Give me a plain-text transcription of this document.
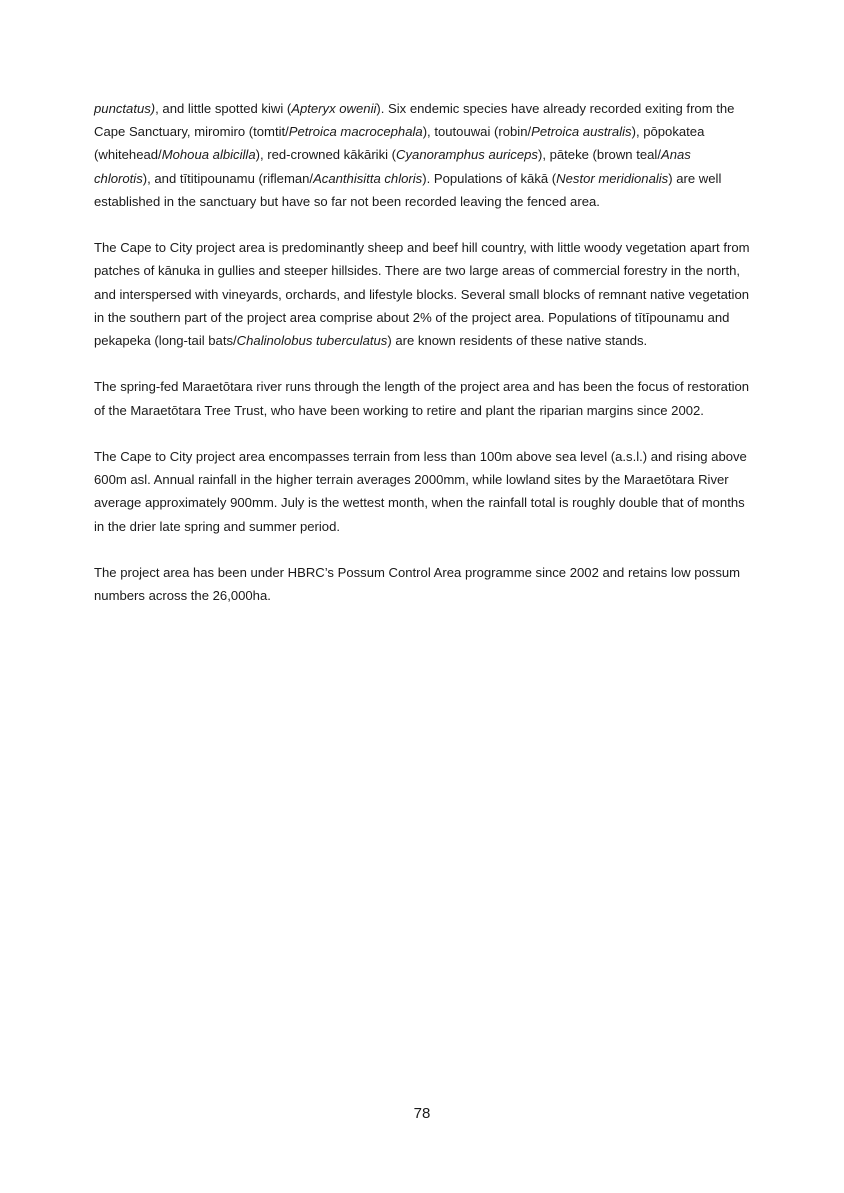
punctatus), and little spotted kiwi (Apteryx owenii). Six endemic species have already recorded exiting from the Cape Sanctuary, miromiro (tomtit/Petroica macrocephala), toutouwai (robin/Petroica australis), pōpokatea (whitehead/Mohoua albicilla), red-crowned kākāriki (Cyanoramphus auriceps), pāteke (brown teal/Anas chlorotis), and tītitipounamu (rifleman/Acanthisitta chloris). Populations of kākā (Nestor meridionalis) are well established in the sanctuary but have so far not been recorded leaving the fenced area.

The Cape to City project area is predominantly sheep and beef hill country, with little woody vegetation apart from patches of kānuka in gullies and steeper hillsides. There are two large areas of commercial forestry in the north, and interspersed with vineyards, orchards, and lifestyle blocks. Several small blocks of remnant native vegetation in the southern part of the project area comprise about 2% of the project area. Populations of tītīpounamu and pekapeka (long-tail bats/Chalinolobus tuberculatus) are known residents of these native stands.

The spring-fed Maraetōtara river runs through the length of the project area and has been the focus of restoration of the Maraetōtara Tree Trust, who have been working to retire and plant the riparian margins since 2002.

The Cape to City project area encompasses terrain from less than 100m above sea level (a.s.l.) and rising above 600m asl. Annual rainfall in the higher terrain averages 2000mm, while lowland sites by the Maraetōtara River average approximately 900mm. July is the wettest month, when the rainfall total is roughly double that of months in the drier late spring and summer period.

The project area has been under HBRC’s Possum Control Area programme since 2002 and retains low possum numbers across the 26,000ha.

78
